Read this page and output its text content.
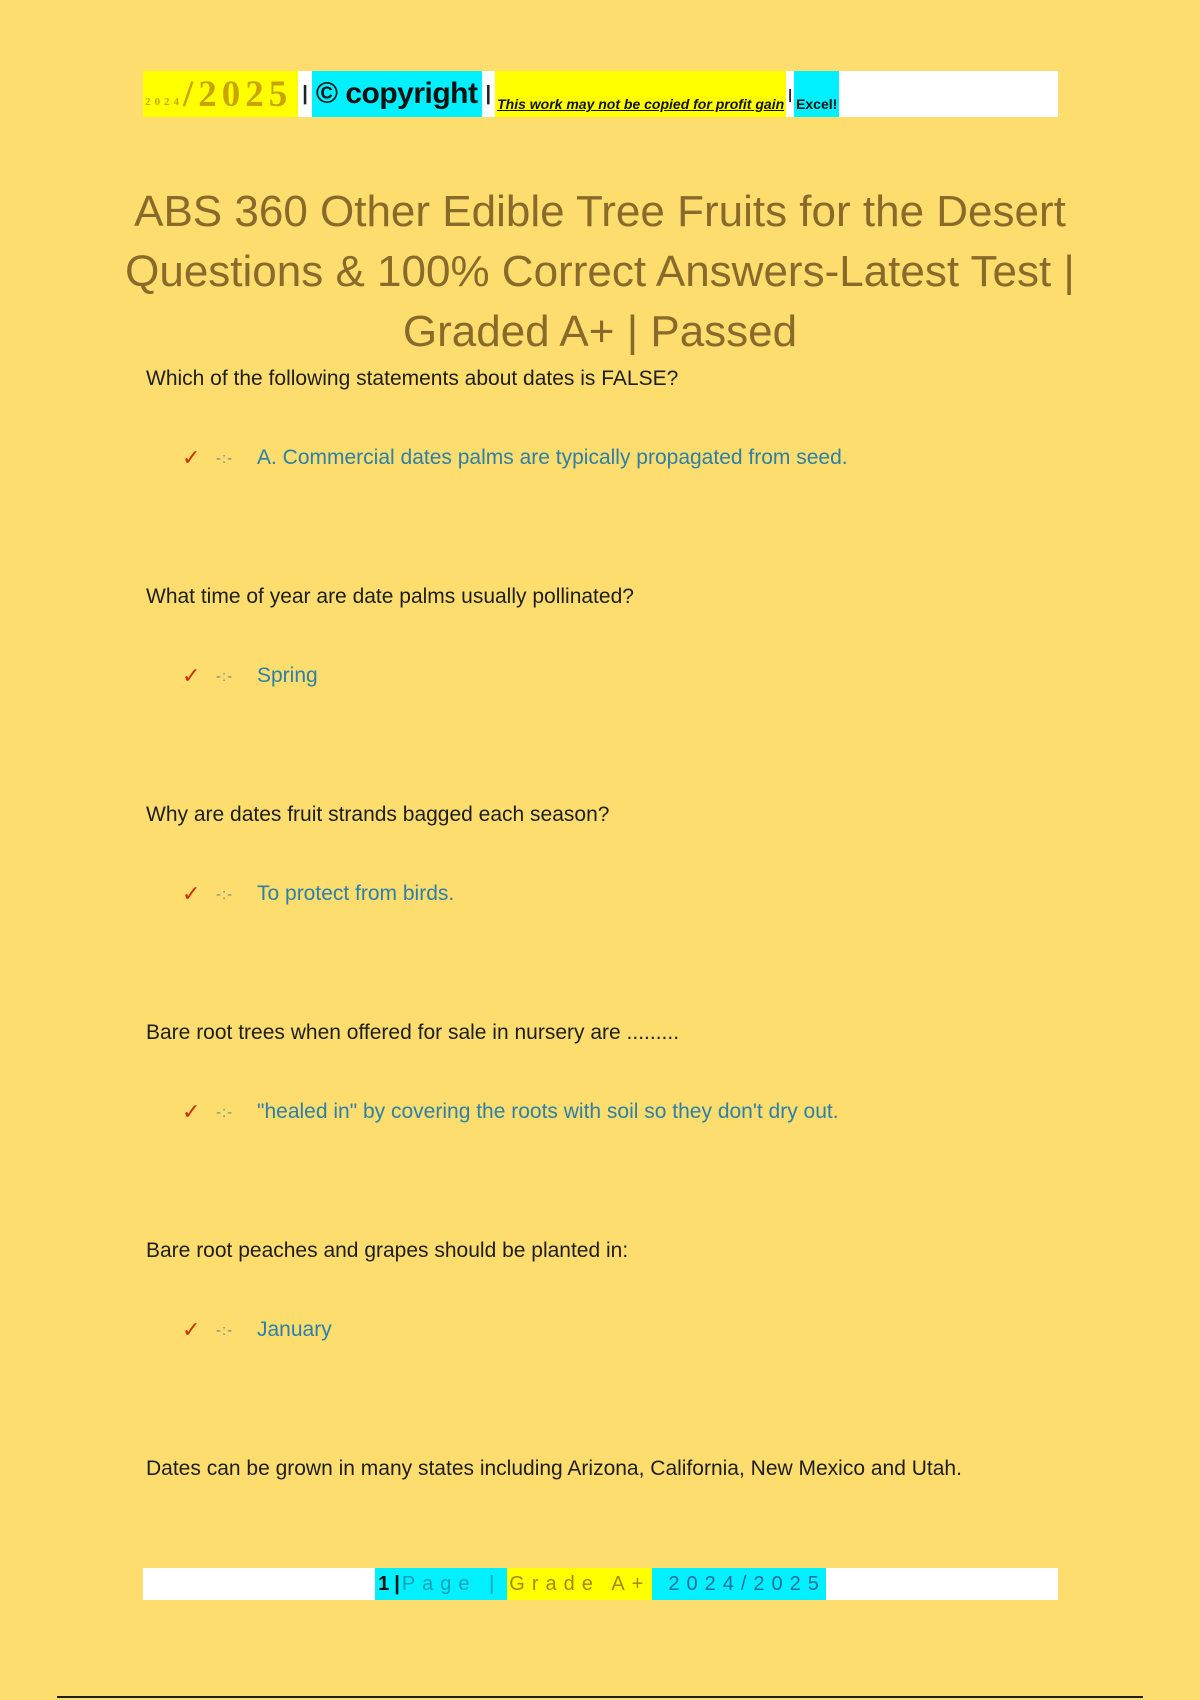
2024 /2025 | © copyright | This work may not be copied for profit gain
|
Excel!
ABS 360 Other Edible Tree Fruits for the Desert Questions & 100% Correct Answers-Latest Test | Graded A+ | Passed

Which of the following statements about dates is FALSE?

✓	-:-	A. Commercial dates palms are typically propagated from seed.

What time of year are date palms usually pollinated?

✓	-:-	Spring

Why are dates fruit strands bagged each season?

✓	-:-	To protect from birds.

Bare root trees when offered for sale in nursery are .........

✓	-:-	"healed in" by covering the roots with soil so they don't dry out.

Bare root peaches and grapes should be planted in:

✓	-:-	January

Dates can be grown in many states including Arizona, California, New Mexico and Utah.

1 | Page | Grade A+ 2024/2025
